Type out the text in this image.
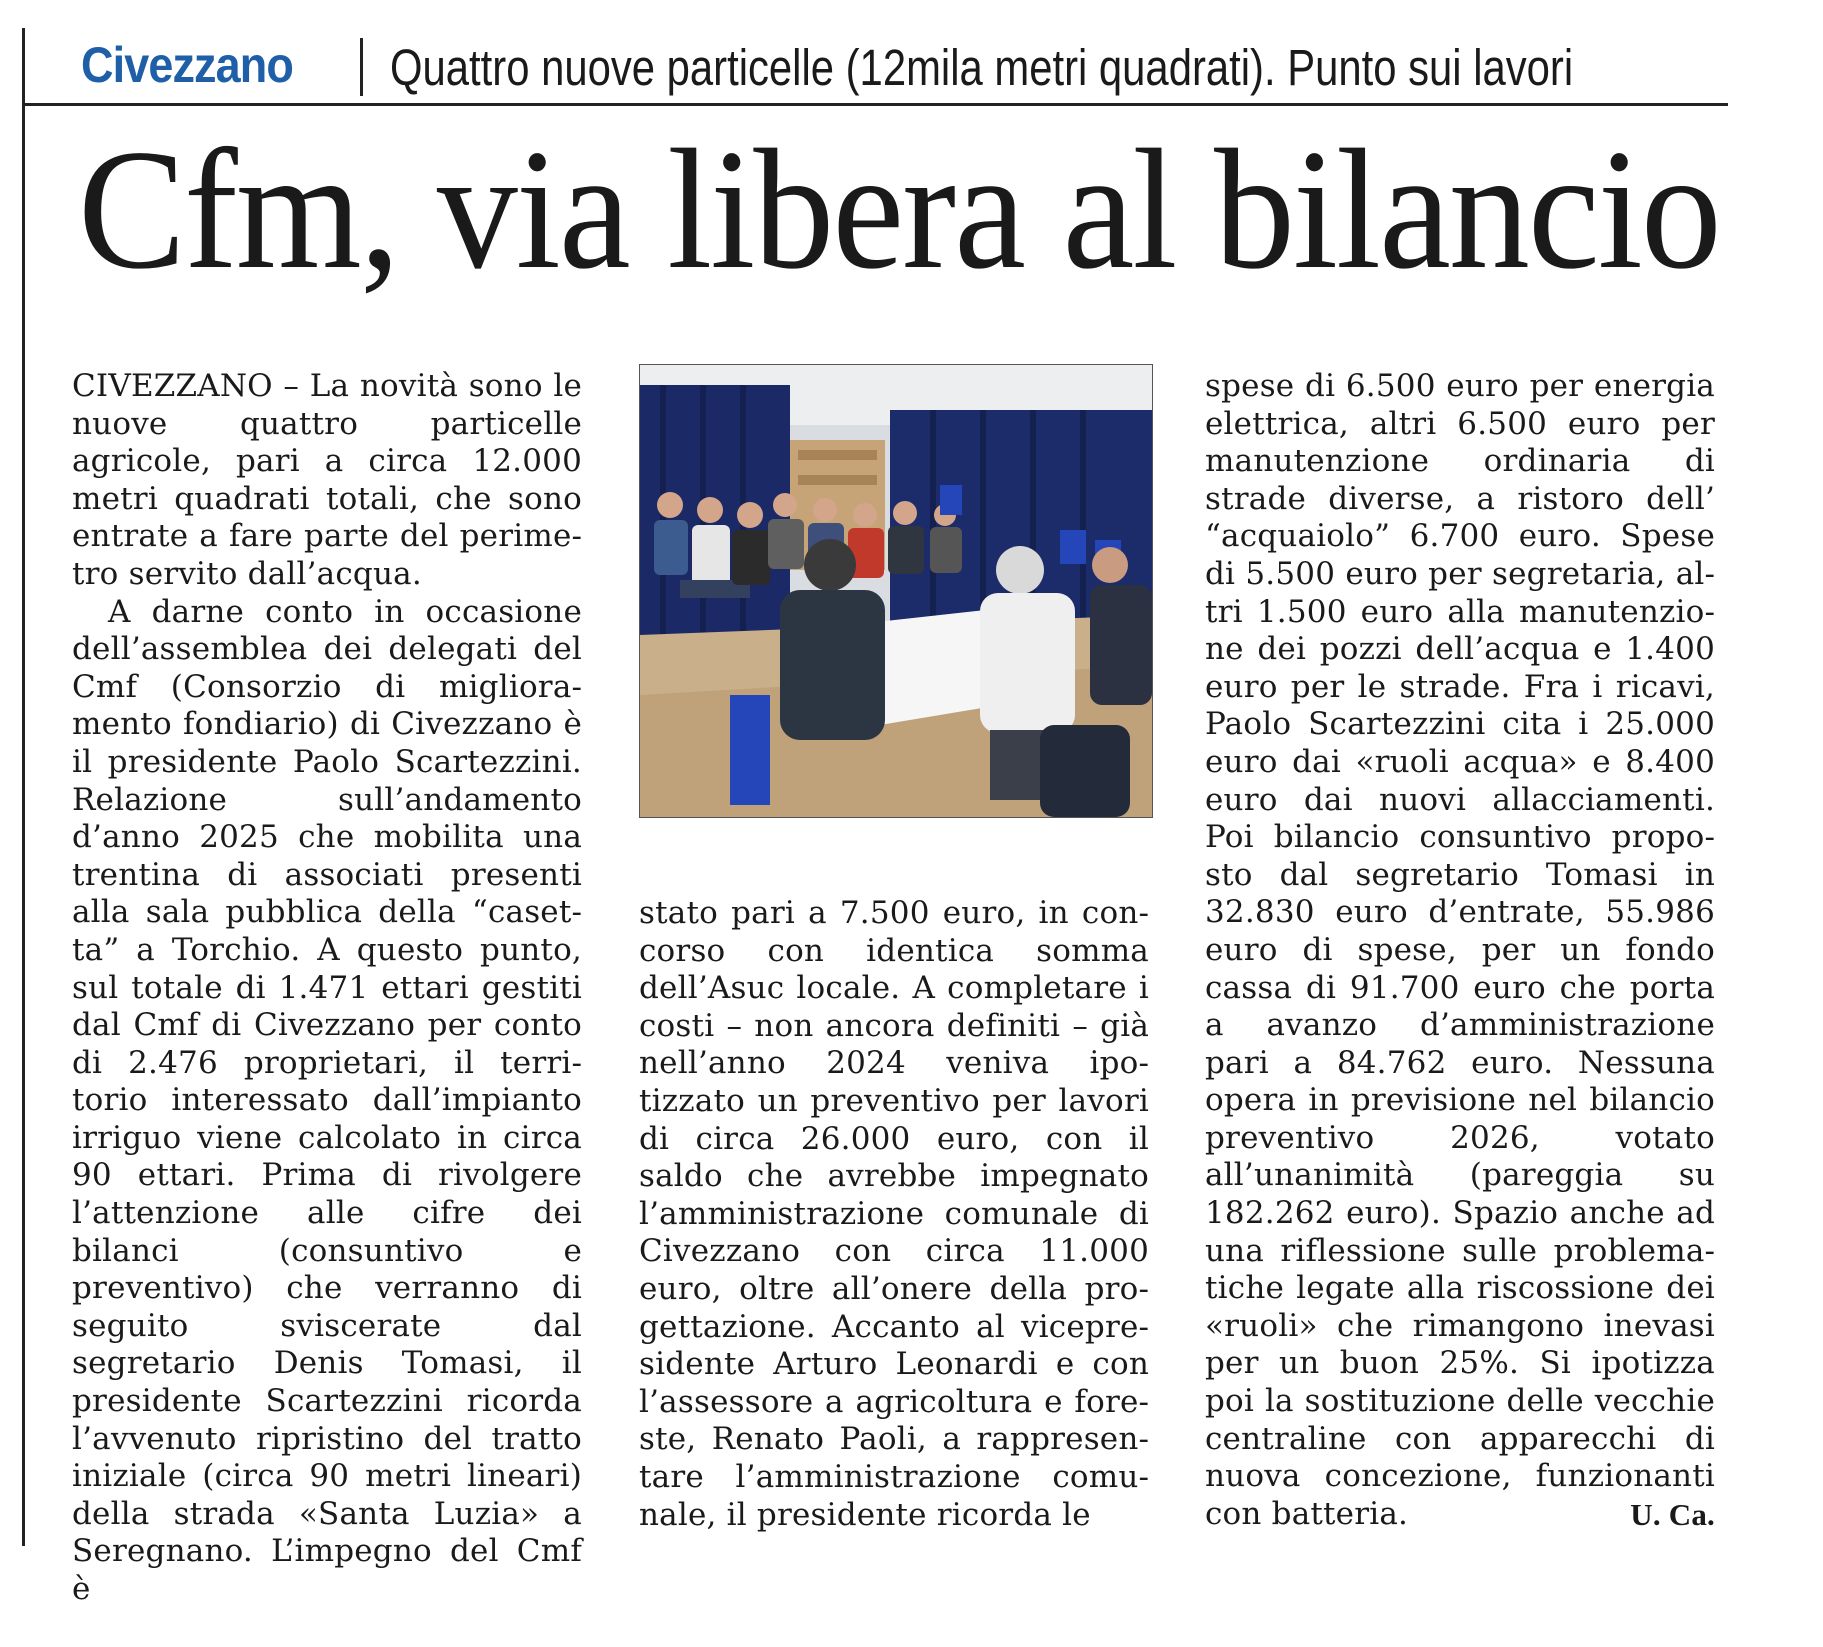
Civezzano Quattro nuove particelle (12mila metri quadrati). Punto sui lavori
Cfm, via libera al bilancio

CIVEZZANO – La novità sono le nuove quattro particelle agricole, pari a circa 12.000 metri quadrati totali, che sono entrate a fare parte del perimetro servito dall’acqua.

A darne conto in occasione dell’assemblea dei delegati del Cmf (Consorzio di miglioramento fondiario) di Civezzano è il presidente Paolo Scartezzini. Relazione sull’andamento d’anno 2025 che mobilita una trentina di associati presenti alla sala pubblica della “casetta” a Torchio. A questo punto, sul totale di 1.471 ettari gestiti dal Cmf di Civezzano per conto di 2.476 proprietari, il territorio interessato dall’impianto irriguo viene calcolato in circa 90 ettari. Prima di rivolgere l’attenzione alle cifre dei bilanci (consuntivo e preventivo) che verranno di seguito sviscerate dal segretario Denis Tomasi, il presidente Scartezzini ricorda l’avvenuto ripristino del tratto iniziale (circa 90 metri lineari) della strada «Santa Luzia» a Seregnano. L’impegno del Cmf è

stato pari a 7.500 euro, in concorso con identica somma dell’Asuc locale. A completare i costi – non ancora definiti – già nell’anno 2024 veniva ipotizzato un preventivo per lavori di circa 26.000 euro, con il saldo che avrebbe impegnato l’amministrazione comunale di Civezzano con circa 11.000 euro, oltre all’onere della progettazione. Accanto al vicepresidente Arturo Leonardi e con l’assessore a agricoltura e foreste, Renato Paoli, a rappresentare l’amministrazione comunale, il presidente ricorda le

spese di 6.500 euro per energia elettrica, altri 6.500 euro per manutenzione ordinaria di strade diverse, a ristoro dell’ “acquaiolo” 6.700 euro. Spese di 5.500 euro per segretaria, altri 1.500 euro alla manutenzione dei pozzi dell’acqua e 1.400 euro per le strade. Fra i ricavi, Paolo Scartezzini cita i 25.000 euro dai «ruoli acqua» e 8.400 euro dai nuovi allacciamenti. Poi bilancio consuntivo proposto dal segretario Tomasi in 32.830 euro d’entrate, 55.986 euro di spese, per un fondo cassa di 91.700 euro che porta a avanzo d’amministrazione pari a 84.762 euro. Nessuna opera in previsione nel bilancio preventivo 2026, votato all’unanimità (pareggia su 182.262 euro). Spazio anche ad una riflessione sulle problematiche legate alla riscossione dei «ruoli» che rimangono inevasi per un buon 25%. Si ipotizza poi la sostituzione delle vecchie centraline con apparecchi di nuova concezione, funzionanti con batteria.	U. Ca.
